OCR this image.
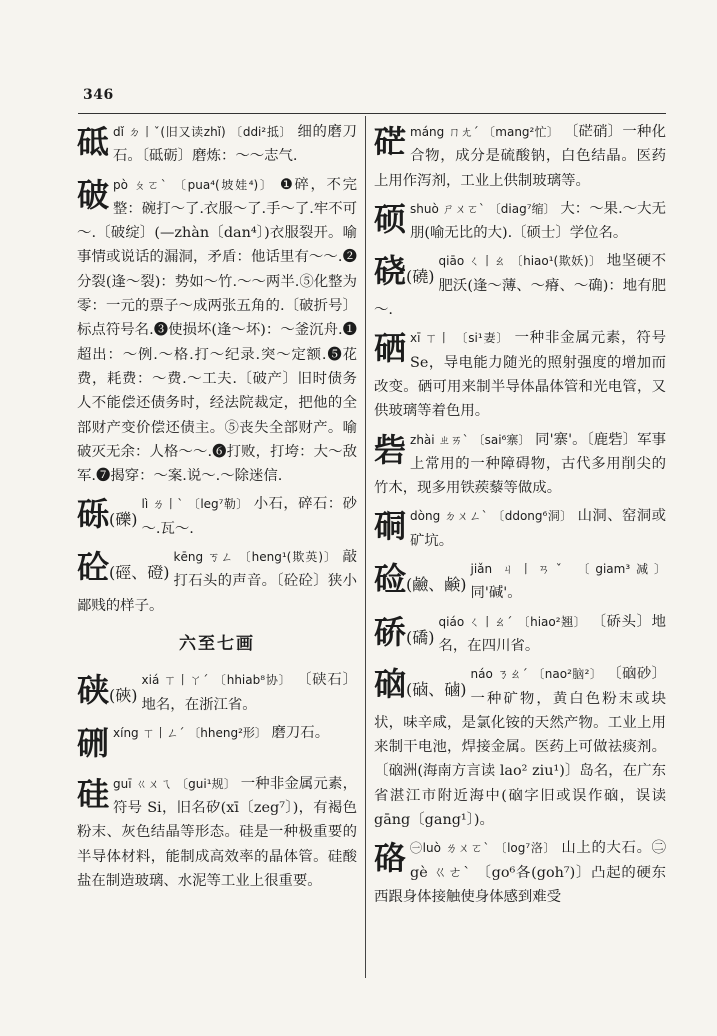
346
砥dǐ ㄉ丨ˇ(旧又读zhǐ) 〔ddi²抵〕 细的磨刀石。〔砥砺〕磨炼：～～志气.
破pò ㄆㄛˋ 〔pua⁴(坡娃⁴)〕 ❶碎，不完整：碗打～了.衣服～了.手～了.牢不可～.〔破绽〕(—zhàn〔dan⁴〕)衣服裂开。喻事情或说话的漏洞，矛盾：他话里有～～.❷分裂(逢～裂)：势如～竹.～～两半.⑤化整为零：一元的票子～成两张五角的.〔破折号〕标点符号名.❸使损坏(逢～坏)：～釜沉舟.❶超出：～例.～格.打～纪录.突～定额.❺花费，耗费：～费.～工夫.〔破产〕旧时债务人不能偿还债务时，经法院裁定，把他的全部财产变价偿还债主。⑤丧失全部财产。喻破灭无余：人格～～.❻打败，打垮：大～敌军.❼揭穿：～案.说～.～除迷信.
砾(礫)
lì ㄌ丨ˋ 〔leg⁷勒〕 小石，碎石：砂～.瓦～.
砼(硜、磴)
kēng ㄎㄥ 〔heng¹(欺英)〕 敲打石头的声音。〔砼砼〕狭小鄙贱的样子。
六至七画
硖(硤)
xiá ㄒ丨ㄚˊ 〔hhiab⁸协〕 〔硖石〕地名，在浙江省。
硎xíng ㄒ丨ㄥˊ 〔hheng²形〕 磨刀石。
硅guī ㄍㄨㄟ 〔gui¹规〕 一种非金属元素，符号 Si，旧名矽(xī〔zeg⁷〕)，有褐色粉末、灰色结晶等形态。硅是一种极重要的半导体材料，能制成高效率的晶体管。硅酸盐在制造玻璃、水泥等工业上很重要。
硭máng ㄇㄤˊ 〔mang²忙〕 〔硭硝〕一种化合物，成分是硫酸钠，白色结晶。医药上用作泻剂，工业上供制玻璃等。
硕shuò ㄕㄨㄛˋ 〔diag⁷缩〕 大：～果.～大无朋(喻无比的大).〔硕士〕学位名。
硗(磽)
qiāo ㄑ丨ㄠ 〔hiao¹(欺妖)〕 地坚硬不肥沃(逢～薄、～瘠、～确)：地有肥～.
硒xī ㄒ丨 〔si¹妻〕 一种非金属元素，符号 Se，导电能力随光的照射强度的增加而改变。硒可用来制半导体晶体管和光电管，又供玻璃等着色用。
砦zhài ㄓㄞˋ 〔sai⁶寨〕 同'寨'。〔鹿砦〕军事上常用的一种障碍物，古代多用削尖的竹木，现多用铁蒺藜等做成。
硐dòng ㄉㄨㄥˋ 〔ddong⁶洞〕 山洞、窑洞或矿坑。
硷(鹼、鹸)
jiǎn ㄐ丨ㄢˇ 〔giam³减〕 同'碱'。
硚(礄)
qiáo ㄑ丨ㄠˊ 〔hiao²翘〕 〔硚头〕地名，在四川省。
硇(硵、磠)
náo ㄋㄠˊ 〔nao²脑²〕 〔硇砂〕一种矿物，黄白色粉末或块状，味辛咸，是氯化铵的天然产物。工业上用来制干电池，焊接金属。医药上可做祛痰剂。〔硇洲(海南方言读 lao² ziu¹)〕岛名，在广东省湛江市附近海中(硇字旧或误作硇，误读 gāng〔gang¹〕)。
硌 ㊀luò ㄌㄨㄛˋ 〔log⁷洛〕 山上的大石。㊁gè ㄍㄜˋ 〔go⁶各(goh⁷)〕凸起的硬东西跟身体接触使身体感到难受
